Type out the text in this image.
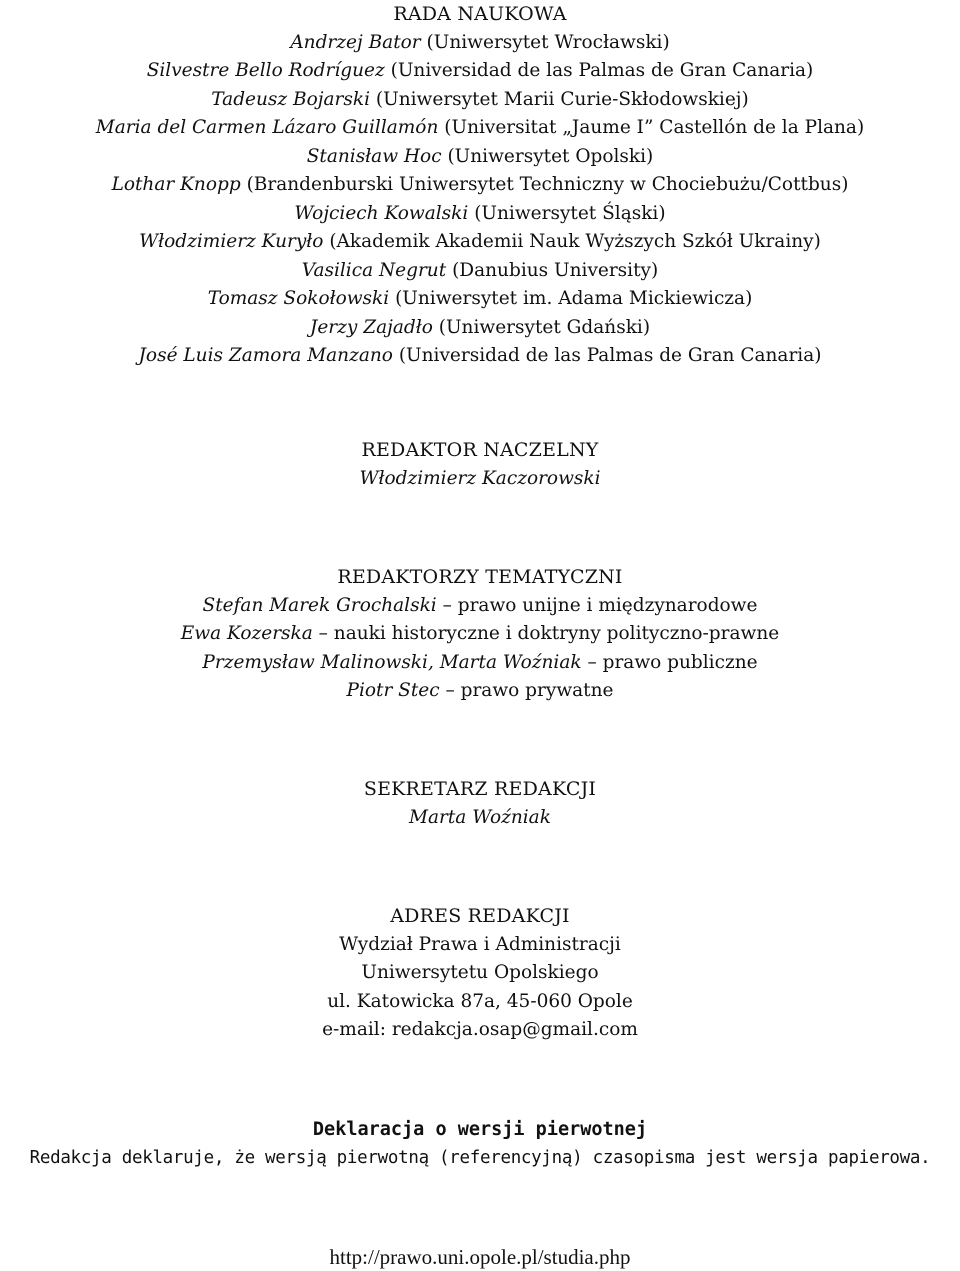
RADA NAUKOWA

Andrzej Bator (Uniwersytet Wrocławski)

Silvestre Bello Rodríguez (Universidad de las Palmas de Gran Canaria)

Tadeusz Bojarski (Uniwersytet Marii Curie-Skłodowskiej)

Maria del Carmen Lázaro Guillamón (Universitat „Jaume I” Castellón de la Plana)

Stanisław Hoc (Uniwersytet Opolski)

Lothar Knopp (Brandenburski Uniwersytet Techniczny w Chociebużu/Cottbus)

Wojciech Kowalski (Uniwersytet Śląski)

Włodzimierz Kuryło (Akademik Akademii Nauk Wyższych Szkół Ukrainy)

Vasilica Negrut (Danubius University)

Tomasz Sokołowski (Uniwersytet im. Adama Mickiewicza)

Jerzy Zajadło (Uniwersytet Gdański)

José Luis Zamora Manzano (Universidad de las Palmas de Gran Canaria)

REDAKTOR NACZELNY

Włodzimierz Kaczorowski

REDAKTORZY TEMATYCZNI

Stefan Marek Grochalski – prawo unijne i międzynarodowe

Ewa Kozerska – nauki historyczne i doktryny polityczno-prawne

Przemysław Malinowski, Marta Woźniak – prawo publiczne

Piotr Stec – prawo prywatne

SEKRETARZ REDAKCJI

Marta Woźniak

ADRES REDAKCJI

Wydział Prawa i Administracji

Uniwersytetu Opolskiego

ul. Katowicka 87a, 45-060 Opole

e-mail: redakcja.osap@gmail.com

Deklaracja o wersji pierwotnej

Redakcja deklaruje, że wersją pierwotną (referencyjną) czasopisma jest wersja papierowa.

http://prawo.uni.opole.pl/studia.php
